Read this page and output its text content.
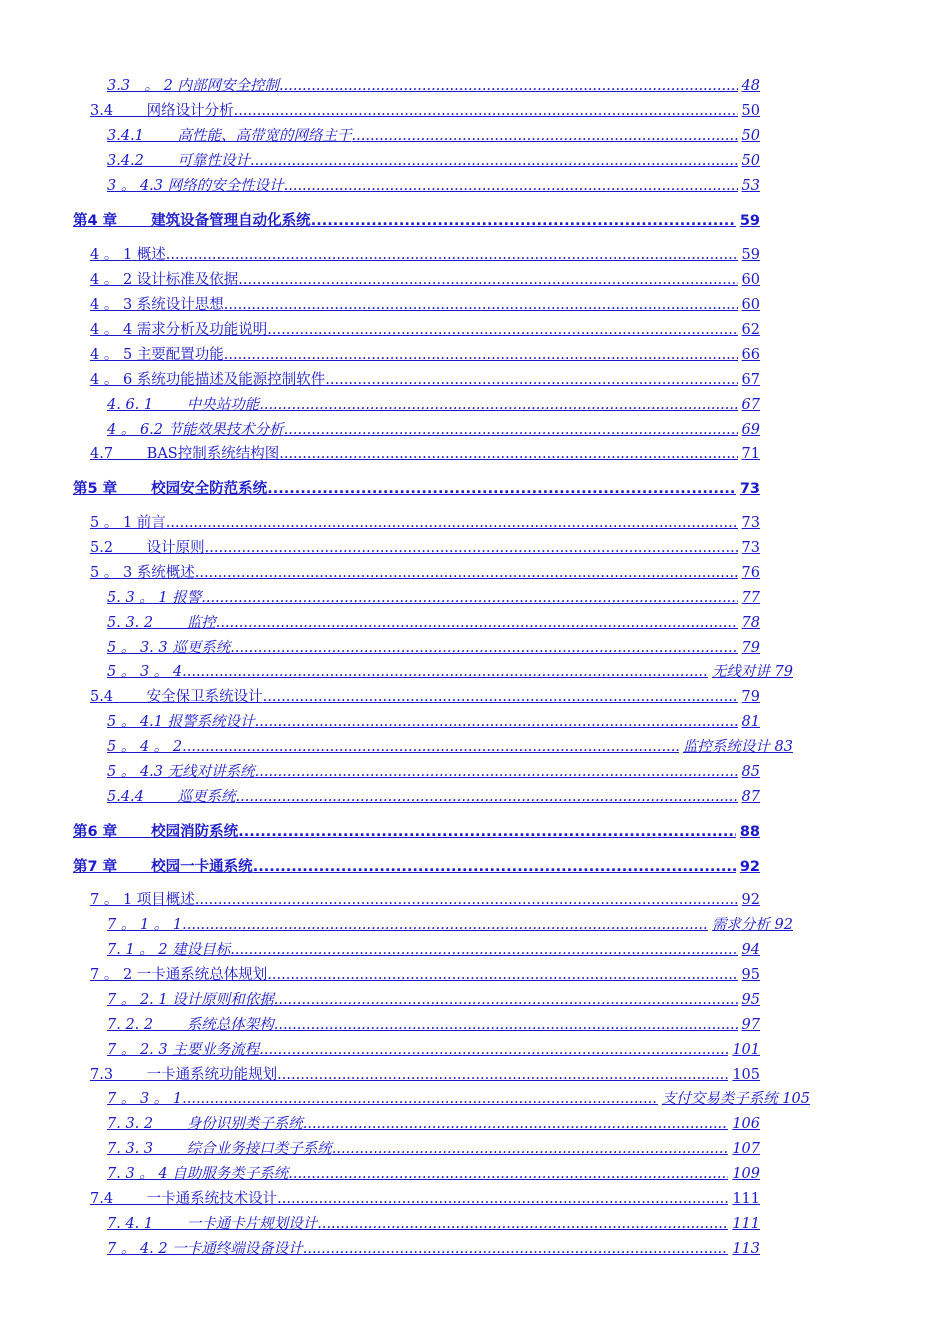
3.3　。 2 内部网安全控制 .....	48
3.4　　 网络设计分析 .....	50
3.4.1　　 高性能、高带宽的网络主干 .....	50
3.4.2　　 可靠性设计 .....	50
3 。 4.3 网络的安全性设计 .....	53
第4 章　　 建筑设备管理自动化系统 .....	59
4 。 1 概述 .....	59
4 。 2 设计标准及依据 .....	60
4 。 3 系统设计思想 .....	60
4 。 4 需求分析及功能说明 .....	62
4 。 5 主要配置功能 .....	66
4 。 6 系统功能描述及能源控制软件 .....	67
4. 6. 1　　 中央站功能 .....	67
4 。 6.2 节能效果技术分析 .....	69
4.7　　 BAS控制系统结构图 .....	71
第5 章　　 校园安全防范系统 .....	73
5 。 1 前言 .....	73
5.2　　 设计原则 .....	73
5 。 3 系统概述 .....	76
5. 3 。 1 报警 .....	77
5. 3. 2　　 监控 .....	78
5 。 3. 3 巡更系统 .....	79
5 。 3 。 4 .....	无线对讲 79
5.4　　 安全保卫系统设计 .....	79
5 。 4.1 报警系统设计 .....	81
5 。 4 。 2 .....	监控系统设计 83
5 。 4.3 无线对讲系统 .....	85
5.4.4　　 巡更系统 .....	87
第6 章　　 校园消防系统 .....	88
第7 章　　 校园一卡通系统 .....	92
7 。 1 项目概述 .....	92
7 。 1 。 1 .....	需求分析 92
7. 1 。 2 建设目标 .....	94
7 。 2 一卡通系统总体规划 .....	95
7 。 2. 1 设计原则和依据 .....	95
7. 2. 2　　 系统总体架构 .....	97
7 。 2. 3 主要业务流程 .....	101
7.3　　 一卡通系统功能规划 .....	105
7 。 3 。 1 .....	支付交易类子系统 105
7. 3. 2　　 身份识别类子系统 .....	106
7. 3. 3　　 综合业务接口类子系统 .....	107
7. 3 。 4 自助服务类子系统 .....	109
7.4　　 一卡通系统技术设计 .....	111
7. 4. 1　　 一卡通卡片规划设计 .....	111
7 。 4. 2 一卡通终端设备设计 .....	113
